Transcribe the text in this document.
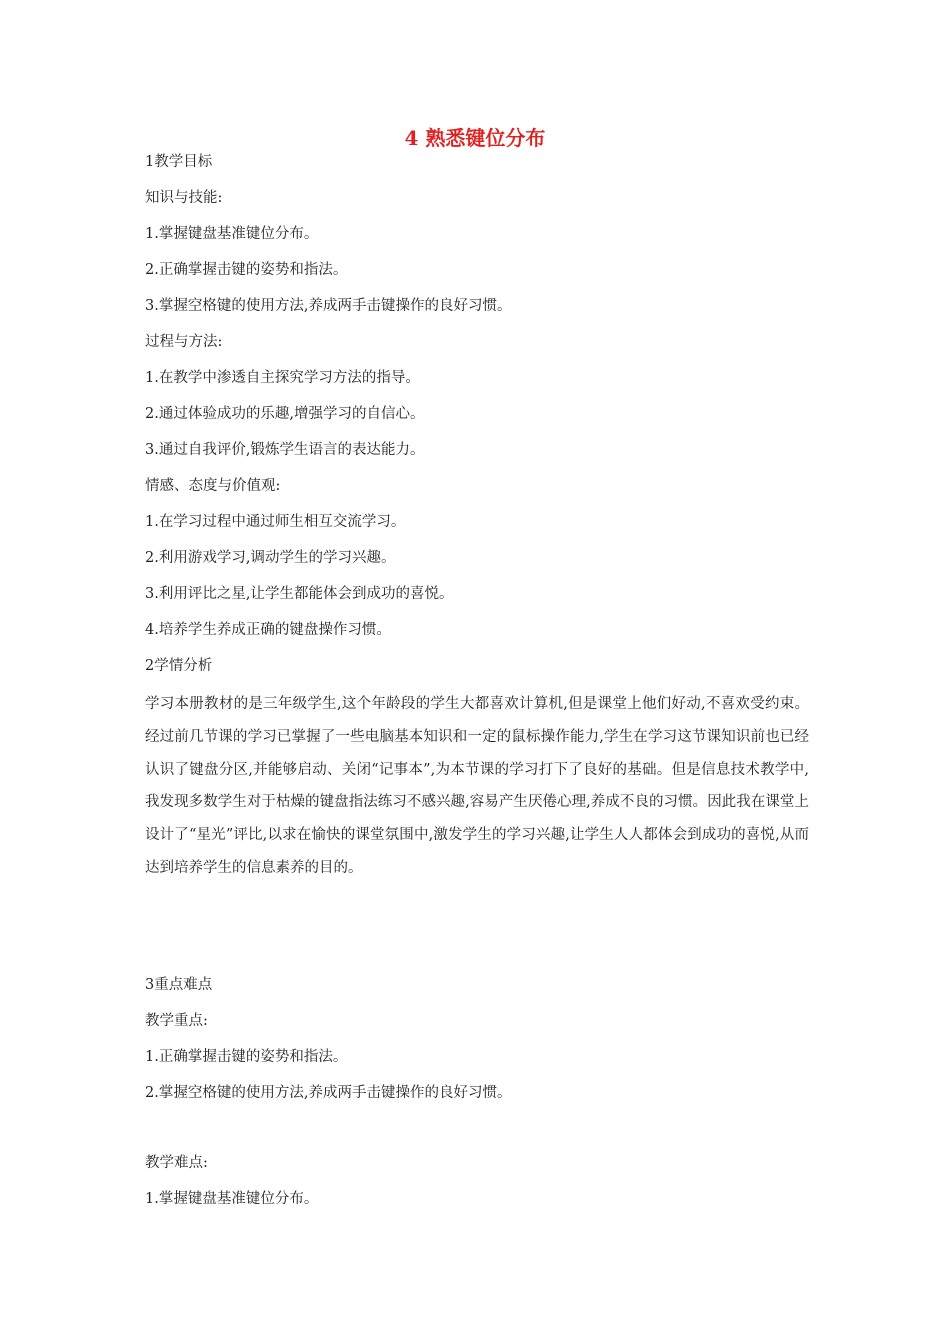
4 熟悉键位分布
1教学目标
知识与技能:
1.掌握键盘基准键位分布。
2.正确掌握击键的姿势和指法。
3.掌握空格键的使用方法,养成两手击键操作的良好习惯。
过程与方法:
1.在教学中渗透自主探究学习方法的指导。
2.通过体验成功的乐趣,增强学习的自信心。
3.通过自我评价,锻炼学生语言的表达能力。
情感、态度与价值观:
1.在学习过程中通过师生相互交流学习。
2.利用游戏学习,调动学生的学习兴趣。
3.利用评比之星,让学生都能体会到成功的喜悦。
4.培养学生养成正确的键盘操作习惯。
2学情分析
学习本册教材的是三年级学生,这个年龄段的学生大都喜欢计算机,但是课堂上他们好动,不喜欢受约束。经过前几节课的学习已掌握了一些电脑基本知识和一定的鼠标操作能力,学生在学习这节课知识前也已经认识了键盘分区,并能够启动、关闭“记事本”,为本节课的学习打下了良好的基础。但是信息技术教学中,我发现多数学生对于枯燥的键盘指法练习不感兴趣,容易产生厌倦心理,养成不良的习惯。因此我在课堂上设计了“星光”评比,以求在愉快的课堂氛围中,激发学生的学习兴趣,让学生人人都体会到成功的喜悦,从而达到培养学生的信息素养的目的。
3重点难点
教学重点:
1.正确掌握击键的姿势和指法。
2.掌握空格键的使用方法,养成两手击键操作的良好习惯。
教学难点:
1.掌握键盘基准键位分布。
